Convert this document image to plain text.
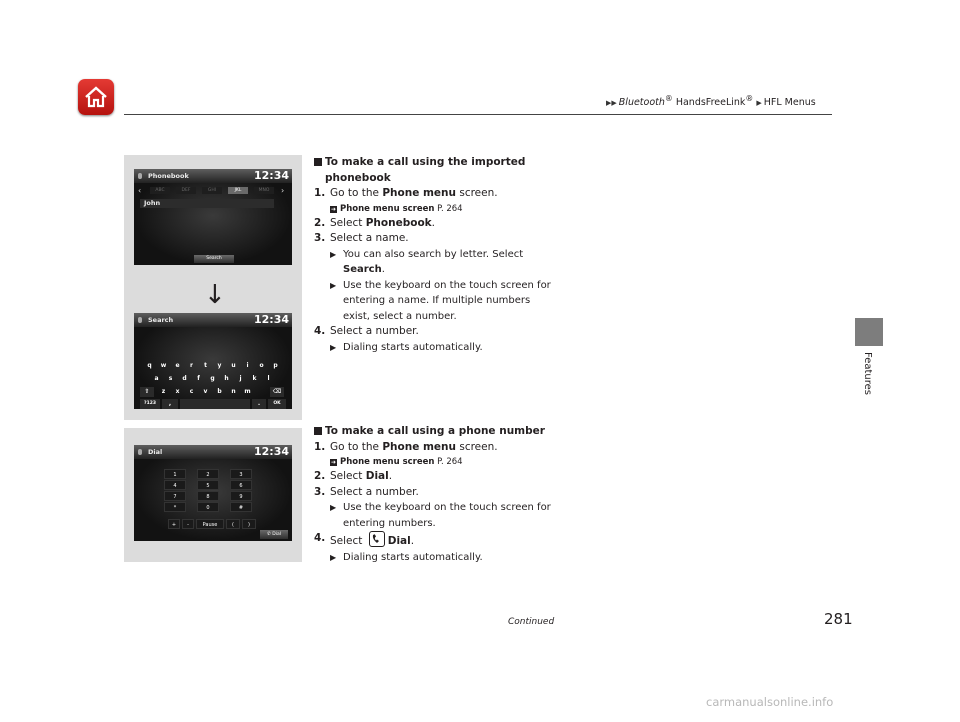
▶▶ Bluetooth® HandsFreeLink® ▶ HFL Menus
Features
Phonebook	12:34
‹	ABC	DEF	GHI	JKL	MNO	›
John
Search
Search	12:34
q	w	e	r	t	y	u	i	o	p
a	s	d	f	g	h	j	k	l
⇧	z	x	c	v	b	n	m	⌫
?123	,	.	OK
↓
Dial	12:34
1	2	3
4	5	6
7	8	9
*	0	#
+	-	Pause	(	)
✆ Dial
To make a call using the imported
phonebook
1. Go to the Phone menu screen.
➜ Phone menu screen P. 264
2. Select Phonebook.
3. Select a name.
▶ You can also search by letter. Select
Search.
▶ Use the keyboard on the touch screen for
entering a name. If multiple numbers
exist, select a number.
4. Select a number.
▶ Dialing starts automatically.
To make a call using a phone number
1. Go to the Phone menu screen.
➜ Phone menu screen P. 264
2. Select Dial.
3. Select a number.
▶ Use the keyboard on the touch screen for
entering numbers.
4. Select
Dial.
▶ Dialing starts automatically.
Continued	281
carmanualsonline.info
